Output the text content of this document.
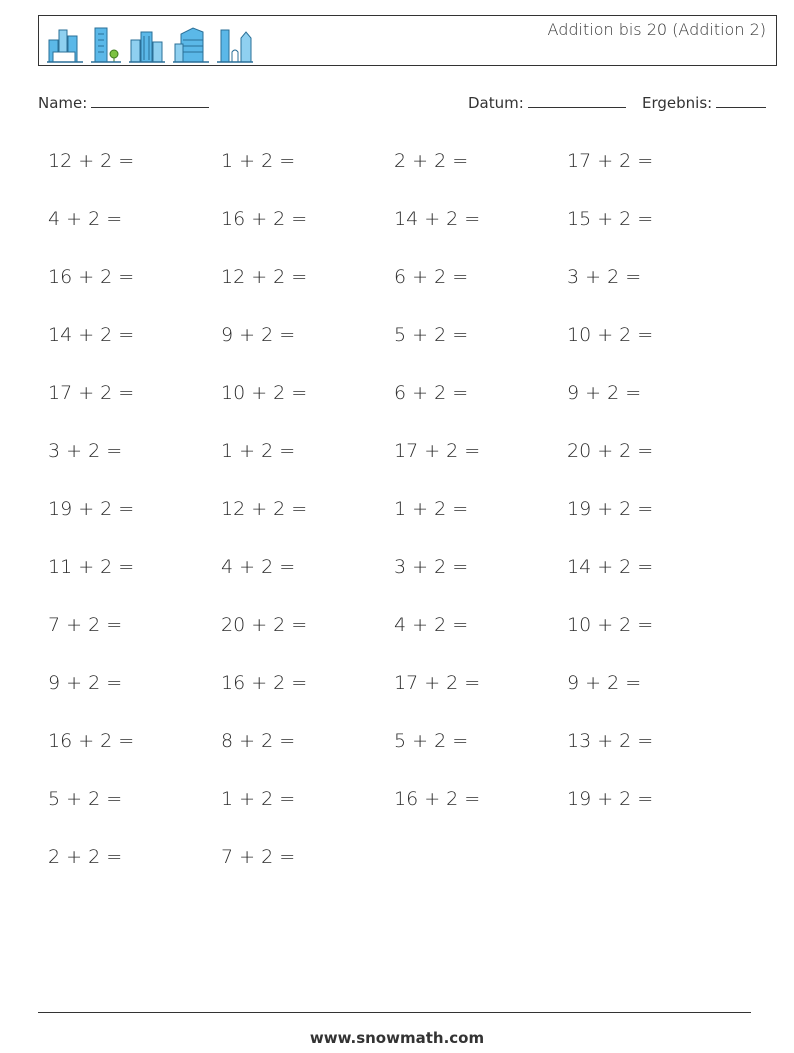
Addition bis 20 (Addition 2)
Name:	Datum:	Ergebnis:
12 + 2 =	1 + 2 =	2 + 2 =	17 + 2 =
4 + 2 =	16 + 2 =	14 + 2 =	15 + 2 =
16 + 2 =	12 + 2 =	6 + 2 =	3 + 2 =
14 + 2 =	9 + 2 =	5 + 2 =	10 + 2 =
17 + 2 =	10 + 2 =	6 + 2 =	9 + 2 =
3 + 2 =	1 + 2 =	17 + 2 =	20 + 2 =
19 + 2 =	12 + 2 =	1 + 2 =	19 + 2 =
11 + 2 =	4 + 2 =	3 + 2 =	14 + 2 =
7 + 2 =	20 + 2 =	4 + 2 =	10 + 2 =
9 + 2 =	16 + 2 =	17 + 2 =	9 + 2 =
16 + 2 =	8 + 2 =	5 + 2 =	13 + 2 =
5 + 2 =	1 + 2 =	16 + 2 =	19 + 2 =
2 + 2 =	7 + 2 =
www.snowmath.com
